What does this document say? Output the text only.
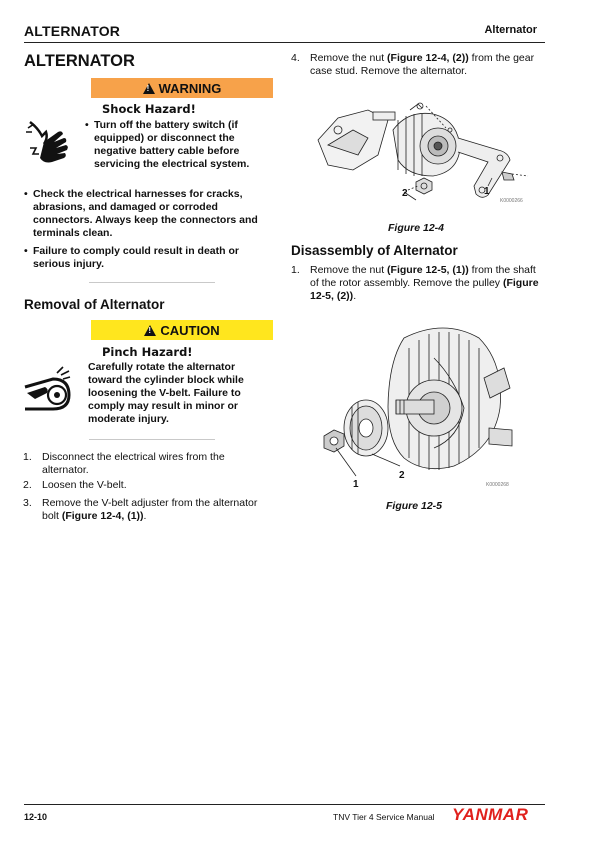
ALTERNATOR	Alternator
ALTERNATOR
! WARNING
Shock Hazard!
• Turn off the battery switch (if equipped) or disconnect the negative battery cable before servicing the electrical system.
• Check the electrical harnesses for cracks, abrasions, and damaged or corroded connectors. Always keep the connectors and terminals clean.
• Failure to comply could result in death or serious injury.
Removal of Alternator
! CAUTION
Pinch Hazard!
Carefully rotate the alternator toward the cylinder block while loosening the V-belt. Failure to comply may result in minor or moderate injury.
1. Disconnect the electrical wires from the alternator.
2. Loosen the V-belt.
3. Remove the V-belt adjuster from the alternator bolt (Figure 12-4, (1)).
4. Remove the nut (Figure 12-4, (2)) from the gear case stud. Remove the alternator.
2	1
K0000266
Figure 12-4
Disassembly of Alternator
1. Remove the nut (Figure 12-5, (1)) from the shaft of the rotor assembly. Remove the pulley (Figure 12-5, (2)).
2
1	K0000268
Figure 12-5
12-10	TNV Tier 4 Service Manual YANMAR
